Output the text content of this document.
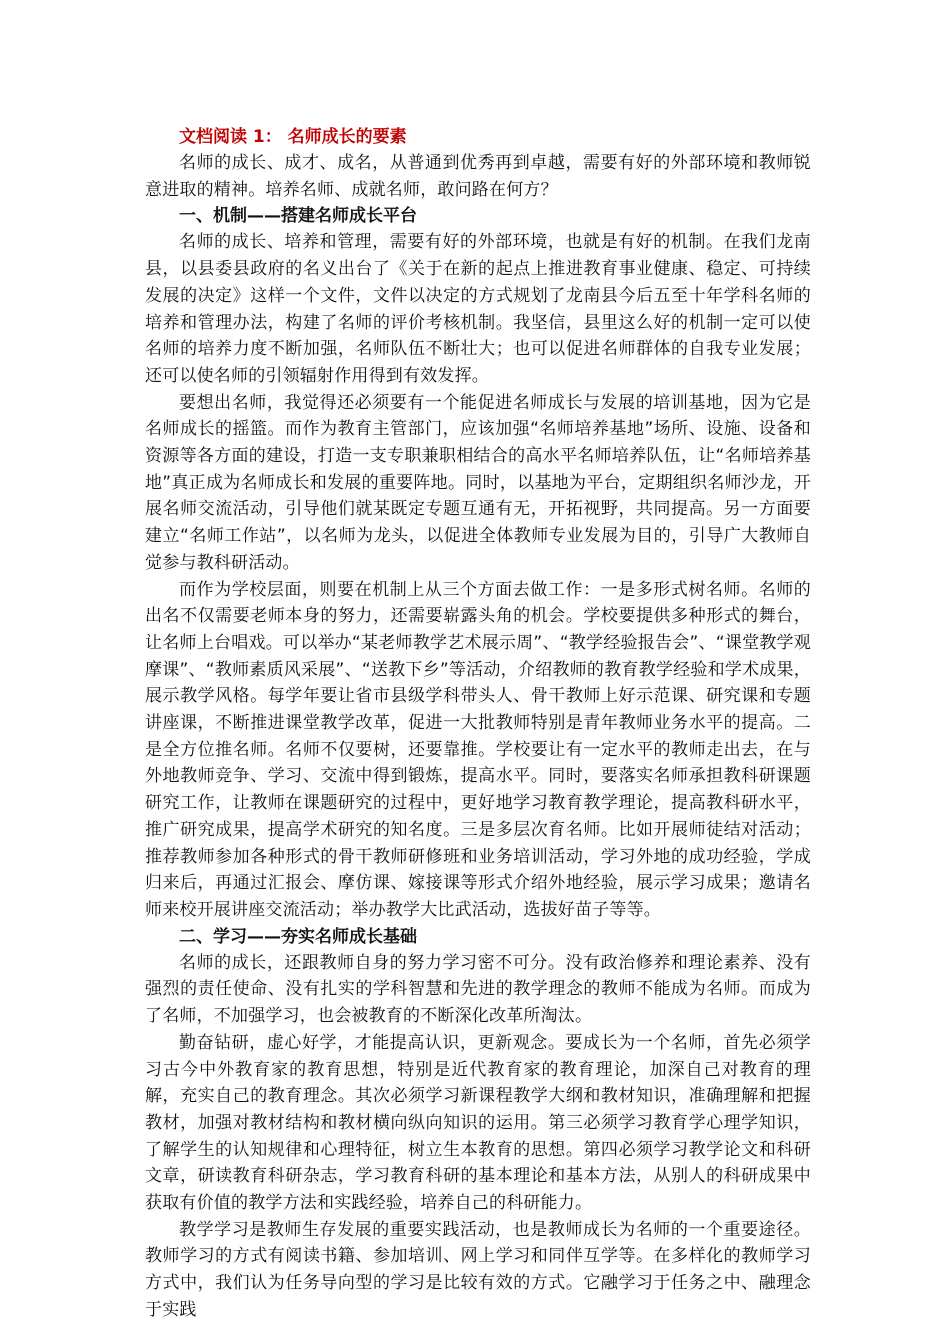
文档阅读 1： 名师成长的要素

名师的成长、成才、成名，从普通到优秀再到卓越，需要有好的外部环境和教师锐意进取的精神。培养名师、成就名师，敢问路在何方？

一、机制——搭建名师成长平台

名师的成长、培养和管理，需要有好的外部环境，也就是有好的机制。在我们龙南县，以县委县政府的名义出台了《关于在新的起点上推进教育事业健康、稳定、可持续发展的决定》这样一个文件，文件以决定的方式规划了龙南县今后五至十年学科名师的培养和管理办法，构建了名师的评价考核机制。我坚信，县里这么好的机制一定可以使名师的培养力度不断加强，名师队伍不断壮大；也可以促进名师群体的自我专业发展；还可以使名师的引领辐射作用得到有效发挥。

要想出名师，我觉得还必须要有一个能促进名师成长与发展的培训基地，因为它是名师成长的摇篮。而作为教育主管部门，应该加强“名师培养基地”场所、设施、设备和资源等各方面的建设，打造一支专职兼职相结合的高水平名师培养队伍，让“名师培养基地”真正成为名师成长和发展的重要阵地。同时，以基地为平台，定期组织名师沙龙，开展名师交流活动，引导他们就某既定专题互通有无，开拓视野，共同提高。另一方面要建立“名师工作站”，以名师为龙头，以促进全体教师专业发展为目的，引导广大教师自觉参与教科研活动。

而作为学校层面，则要在机制上从三个方面去做工作：一是多形式树名师。名师的出名不仅需要老师本身的努力，还需要崭露头角的机会。学校要提供多种形式的舞台，让名师上台唱戏。可以举办“某老师教学艺术展示周”、“教学经验报告会”、“课堂教学观摩课”、“教师素质风采展”、“送教下乡”等活动，介绍教师的教育教学经验和学术成果，展示教学风格。每学年要让省市县级学科带头人、骨干教师上好示范课、研究课和专题讲座课，不断推进课堂教学改革，促进一大批教师特别是青年教师业务水平的提高。二是全方位推名师。名师不仅要树，还要靠推。学校要让有一定水平的教师走出去，在与外地教师竞争、学习、交流中得到锻炼，提高水平。同时，要落实名师承担教科研课题研究工作，让教师在课题研究的过程中，更好地学习教育教学理论，提高教科研水平，推广研究成果，提高学术研究的知名度。三是多层次育名师。比如开展师徒结对活动；推荐教师参加各种形式的骨干教师研修班和业务培训活动，学习外地的成功经验，学成归来后，再通过汇报会、摩仿课、嫁接课等形式介绍外地经验，展示学习成果；邀请名师来校开展讲座交流活动；举办教学大比武活动，选拔好苗子等等。

二、学习——夯实名师成长基础

名师的成长，还跟教师自身的努力学习密不可分。没有政治修养和理论素养、没有强烈的责任使命、没有扎实的学科智慧和先进的教学理念的教师不能成为名师。而成为了名师，不加强学习，也会被教育的不断深化改革所淘汰。

勤奋钻研，虚心好学，才能提高认识，更新观念。要成长为一个名师，首先必须学习古今中外教育家的教育思想，特别是近代教育家的教育理论，加深自己对教育的理解，充实自己的教育理念。其次必须学习新课程教学大纲和教材知识，准确理解和把握教材，加强对教材结构和教材横向纵向知识的运用。第三必须学习教育学心理学知识，了解学生的认知规律和心理特征，树立生本教育的思想。第四必须学习教学论文和科研文章，研读教育科研杂志，学习教育科研的基本理论和基本方法，从别人的科研成果中获取有价值的教学方法和实践经验，培养自己的科研能力。

教学学习是教师生存发展的重要实践活动，也是教师成长为名师的一个重要途径。教师学习的方式有阅读书籍、参加培训、网上学习和同伴互学等。在多样化的教师学习方式中，我们认为任务导向型的学习是比较有效的方式。它融学习于任务之中、融理念于实践
